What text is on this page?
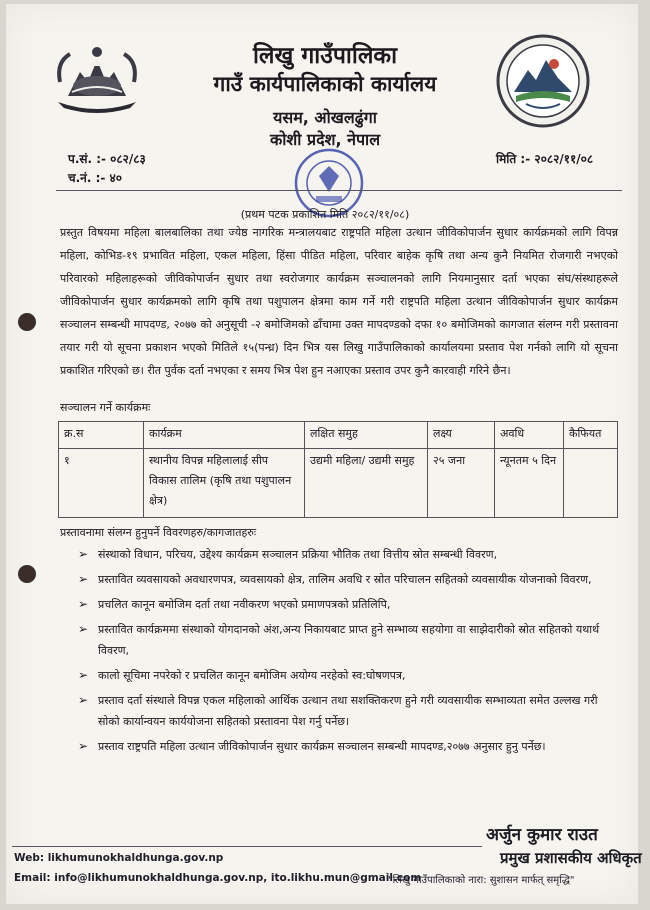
लिखु गाउँपालिका
गाउँ कार्यपालिकाको कार्यालय
यसम, ओखलढुंगा
कोशी प्रदेश, नेपाल
प.सं. :- ०८२/८३
च.नं. :- ४०
मिति :- २०८२/११/०८
(प्रथम पटक प्रकाशित मिति २०८२/११/०८)
प्रस्तुत विषयमा महिला बालबालिका तथा ज्येष्ठ नागरिक मन्त्रालयबाट राष्ट्रपति महिला उत्थान जीविकोपार्जन सुधार कार्यक्रमको लागि विपन्न महिला, कोभिड-१९ प्रभावित महिला, एकल महिला, हिंसा पीडित महिला, परिवार बाहेक कृषि तथा अन्य कुनै नियमित रोजगारी नभएको परिवारको महिलाहरूको जीविकोपार्जन सुधार तथा स्वरोजगार कार्यक्रम सञ्चालनको लागि नियमानुसार दर्ता भएका संघ/संस्थाहरूले जीविकोपार्जन सुधार कार्यक्रमको लागि कृषि तथा पशुपालन क्षेत्रमा काम गर्ने गरी राष्ट्रपति महिला उत्थान जीविकोपार्जन सुधार कार्यक्रम सञ्चालन सम्बन्धी मापदण्ड, २०७७ को अनुसूची -२ बमोजिमको ढाँचामा उक्त मापदण्डको दफा १० बमोजिमको कागजात संलग्न गरी प्रस्तावना तयार गरी यो सूचना प्रकाशन भएको मितिले १५(पन्ध्र) दिन भित्र यस लिखु गाउँपालिकाको कार्यालयमा प्रस्ताव पेश गर्नको लागि यो सूचना प्रकाशित गरिएको छ। रीत पुर्वक दर्ता नभएका र समय भित्र पेश हुन नआएका प्रस्ताव उपर कुनै कारवाही गरिने छैन।
सञ्चालन गर्ने कार्यक्रमः
क्र.स	कार्यक्रम	लक्षित समुह	लक्ष्य	अवधि	कैफियत
१	स्थानीय विपन्न महिलालाई सीप विकास तालिम (कृषि तथा पशुपालन क्षेत्र)	उद्यमी महिला/ उद्यमी समुह	२५ जना	न्यूनतम ५ दिन	
प्रस्तावनामा संलग्न हुनुपर्ने विवरणहरु/कागजातहरुः
➢ संस्थाको विधान, परिचय, उद्देश्य कार्यक्रम सञ्चालन प्रक्रिया भौतिक तथा वित्तीय स्रोत सम्बन्धी विवरण,
➢ प्रस्तावित व्यवसायको अवधारणपत्र, व्यवसायको क्षेत्र, तालिम अवधि र स्रोत परिचालन सहितको व्यवसायीक योजनाको विवरण,
➢ प्रचलित कानून बमोजिम दर्ता तथा नवीकरण भएको प्रमाणपत्रको प्रतिलिपि,
➢ प्रस्तावित कार्यक्रममा संस्थाको योगदानको अंश,अन्य निकायबाट प्राप्त हुने सम्भाव्य सहयोगा वा साझेदारीको स्रोत सहितको यथार्थ विवरण,
➢ कालो सूचिमा नपरेको र प्रचलित कानून बमोजिम अयोग्य नरहेको स्व:घोषणपत्र,
➢ प्रस्ताव दर्ता संस्थाले विपन्न एकल महिलाको आर्थिक उत्थान तथा सशक्तिकरण हुने गरी व्यवसायीक सम्भाव्यता समेत उल्लख गरी सोको कार्यान्वयन कार्ययोजना सहितको प्रस्तावना पेश गर्नु पर्नेछ।
➢ प्रस्ताव राष्ट्रपति महिला उत्थान जीविकोपार्जन सुधार कार्यक्रम सञ्चालन सम्बन्धी मापदण्ड,२०७७ अनुसार हुनु पर्नेछ।
अर्जुन कुमार राउत
प्रमुख प्रशासकीय अधिकृत
Web: likhumunokhaldhunga.gov.np
Email: info@likhumunokhaldhunga.gov.np, ito.likhu.mun@gmail.com
"लिखु गाउँपालिकाको नारा: सुशासन मार्फत् समृद्धि"
